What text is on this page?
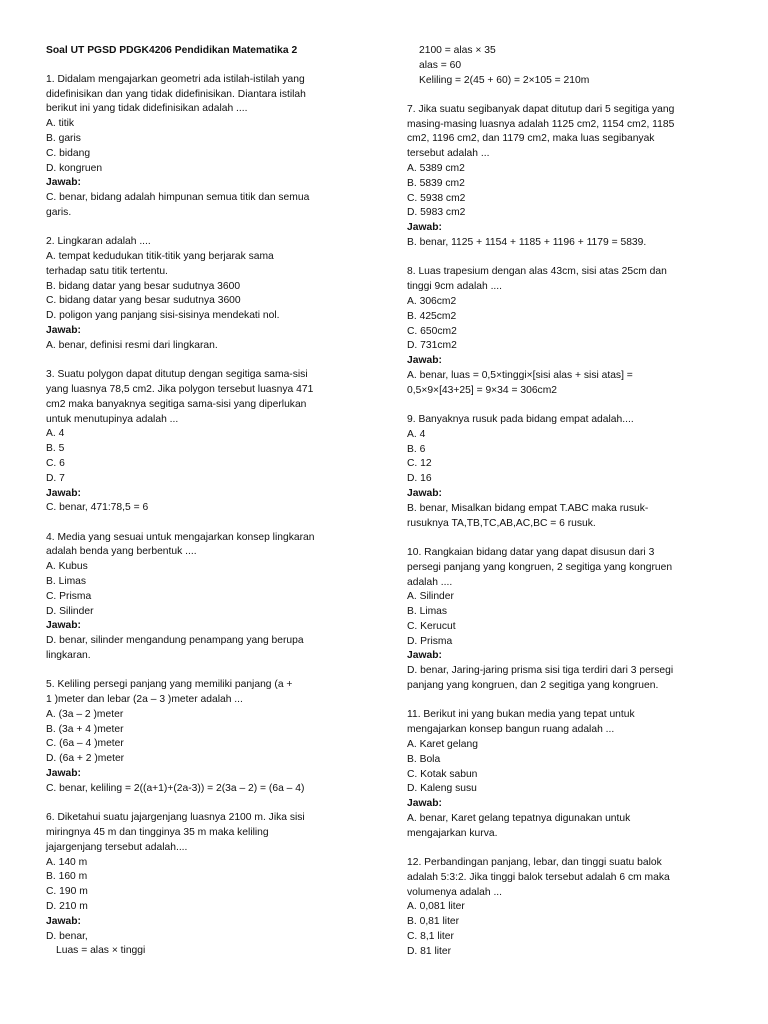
Soal UT PGSD PDGK4206 Pendidikan Matematika 2
1. Didalam mengajarkan geometri ada istilah-istilah yang
didefinisikan dan yang tidak didefinisikan. Diantara istilah
berikut ini yang tidak didefinisikan adalah ....
A. titik
B. garis
C. bidang
D. kongruen
Jawab:
C. benar, bidang adalah himpunan semua titik dan semua
garis.
2. Lingkaran adalah ....
A. tempat kedudukan titik-titik yang berjarak sama
terhadap satu titik tertentu.
B. bidang datar yang besar sudutnya 3600
C. bidang datar yang besar sudutnya 3600
D. poligon yang panjang sisi-sisinya mendekati nol.
Jawab:
A. benar, definisi resmi dari lingkaran.
3. Suatu polygon dapat ditutup dengan segitiga sama-sisi
yang luasnya 78,5 cm2. Jika polygon tersebut luasnya 471
cm2 maka banyaknya segitiga sama-sisi yang diperlukan
untuk menutupinya adalah ...
A. 4
B. 5
C. 6
D. 7
Jawab:
C. benar, 471:78,5 = 6
4. Media yang sesuai untuk mengajarkan konsep lingkaran
adalah benda yang berbentuk ....
A. Kubus
B. Limas
C. Prisma
D. Silinder
Jawab:
D. benar, silinder mengandung penampang yang berupa
lingkaran.
5. Keliling persegi panjang yang memiliki panjang (a +
1 )meter dan lebar (2a – 3 )meter adalah ...
A. (3a – 2 )meter
B. (3a + 4 )meter
C. (6a – 4 )meter
D. (6a + 2 )meter
Jawab:
C. benar, keliling = 2((a+1)+(2a-3)) = 2(3a – 2) = (6a – 4)
6. Diketahui suatu jajargenjang luasnya 2100 m. Jika sisi
miringnya 45 m dan tingginya 35 m maka keliling
jajargenjang tersebut adalah....
A. 140 m
B. 160 m
C. 190 m
D. 210 m
Jawab:
D. benar,
Luas = alas × tinggi
2100 = alas × 35
alas = 60
Keliling = 2(45 + 60) = 2×105 = 210m
7. Jika suatu segibanyak dapat ditutup dari 5 segitiga yang
masing-masing luasnya adalah 1125 cm2, 1154 cm2, 1185
cm2, 1196 cm2, dan 1179 cm2, maka luas segibanyak
tersebut adalah ...
A. 5389 cm2
B. 5839 cm2
C. 5938 cm2
D. 5983 cm2
Jawab:
B. benar, 1125 + 1154 + 1185 + 1196 + 1179 = 5839.
8. Luas trapesium dengan alas 43cm, sisi atas 25cm dan
tinggi 9cm adalah ....
A. 306cm2
B. 425cm2
C. 650cm2
D. 731cm2
Jawab:
A. benar, luas = 0,5×tinggi×[sisi alas + sisi atas] =
0,5×9×[43+25] = 9×34 = 306cm2
9. Banyaknya rusuk pada bidang empat adalah....
A. 4
B. 6
C. 12
D. 16
Jawab:
B. benar, Misalkan bidang empat T.ABC maka rusuk-
rusuknya TA,TB,TC,AB,AC,BC = 6 rusuk.
10. Rangkaian bidang datar yang dapat disusun dari 3
persegi panjang yang kongruen, 2 segitiga yang kongruen
adalah ....
A. Silinder
B. Limas
C. Kerucut
D. Prisma
Jawab:
D. benar, Jaring-jaring prisma sisi tiga terdiri dari 3 persegi
panjang yang kongruen, dan 2 segitiga yang kongruen.
11. Berikut ini yang bukan media yang tepat untuk
mengajarkan konsep bangun ruang adalah ...
A. Karet gelang
B. Bola
C. Kotak sabun
D. Kaleng susu
Jawab:
A. benar, Karet gelang tepatnya digunakan untuk
mengajarkan kurva.
12. Perbandingan panjang, lebar, dan tinggi suatu balok
adalah 5:3:2. Jika tinggi balok tersebut adalah 6 cm maka
volumenya adalah ...
A. 0,081 liter
B. 0,81 liter
C. 8,1 liter
D. 81 liter
